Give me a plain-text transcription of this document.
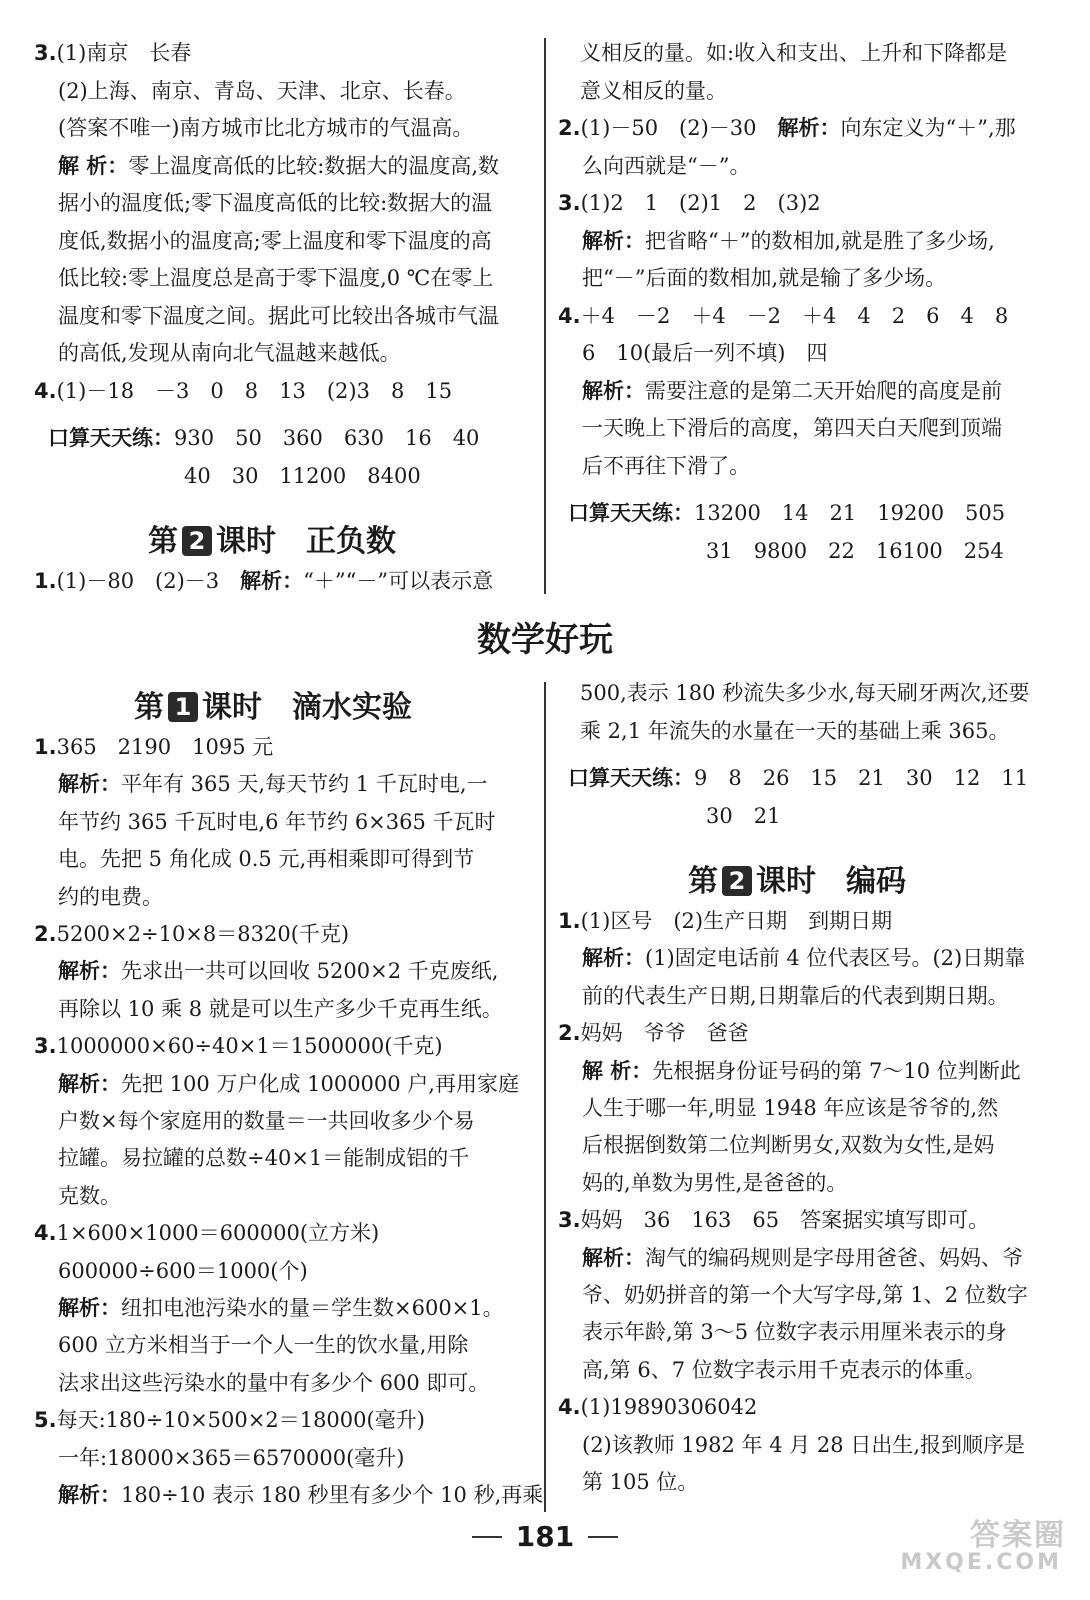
3.(1)南京　长春
(2)上海、南京、青岛、天津、北京、长春。
(答案不唯一)南方城市比北方城市的气温高。
解 析：零上温度高低的比较:数据大的温度高,数
据小的温度低;零下温度高低的比较:数据大的温
度低,数据小的温度高;零上温度和零下温度的高
低比较:零上温度总是高于零下温度,0 ℃在零上
温度和零下温度之间。据此可比较出各城市气温
的高低,发现从南向北气温越来越低。
4.(1)－18　－3　0　8　13　(2)3　8　15
口算天天练：930　50　360　630　16　40
40　30　11200　8400
义相反的量。如:收入和支出、上升和下降都是
意义相反的量。
2.(1)－50　(2)－30　解析：向东定义为“＋”,那
么向西就是“－”。
3.(1)2　1　(2)1　2　(3)2
解析：把省略“＋”的数相加,就是胜了多少场,
把“－”后面的数相加,就是输了多少场。
4.＋4　－2　＋4　－2　＋4　4　2　6　4　8
6　10(最后一列不填)　四
解析：需要注意的是第二天开始爬的高度是前
一天晚上下滑后的高度，第四天白天爬到顶端
后不再往下滑了。
口算天天练：13200　14　21　19200　505
31　9800　22　16100　254
第 2 课时　正负数
1.(1)－80　(2)－3　解析：“＋”“－”可以表示意
数学好玩
第 1 课时　滴水实验
1.365　2190　1095 元
解析：平年有 365 天,每天节约 1 千瓦时电,一
年节约 365 千瓦时电,6 年节约 6×365 千瓦时
电。先把 5 角化成 0.5 元,再相乘即可得到节
约的电费。
2.5200×2÷10×8＝8320(千克)
解析：先求出一共可以回收 5200×2 千克废纸,
再除以 10 乘 8 就是可以生产多少千克再生纸。
3.1000000×60÷40×1＝1500000(千克)
解析：先把 100 万户化成 1000000 户,再用家庭
户数×每个家庭用的数量＝一共回收多少个易
拉罐。易拉罐的总数÷40×1＝能制成铝的千
克数。
4.1×600×1000＝600000(立方米)
600000÷600＝1000(个)
解析：纽扣电池污染水的量＝学生数×600×1。
600 立方米相当于一个人一生的饮水量,用除
法求出这些污染水的量中有多少个 600 即可。
5.每天:180÷10×500×2＝18000(毫升)
一年:18000×365＝6570000(毫升)
解析：180÷10 表示 180 秒里有多少个 10 秒,再乘
500,表示 180 秒流失多少水,每天刷牙两次,还要
乘 2,1 年流失的水量在一天的基础上乘 365。
口算天天练：9　8　26　15　21　30　12　11
30　21
第 2 课时　编码
1.(1)区号　(2)生产日期　到期日期
解析：(1)固定电话前 4 位代表区号。(2)日期靠
前的代表生产日期,日期靠后的代表到期日期。
2.妈妈　爷爷　爸爸
解 析：先根据身份证号码的第 7～10 位判断此
人生于哪一年,明显 1948 年应该是爷爷的,然
后根据倒数第二位判断男女,双数为女性,是妈
妈的,单数为男性,是爸爸的。
3.妈妈　36　163　65　答案据实填写即可。
解析：淘气的编码规则是字母用爸爸、妈妈、爷
爷、奶奶拼音的第一个大写字母,第 1、2 位数字
表示年龄,第 3～5 位数字表示用厘米表示的身
高,第 6、7 位数字表示用千克表示的体重。
4.(1)19890306042
(2)该教师 1982 年 4 月 28 日出生,报到顺序是
第 105 位。
181	答案圈
MXQE.COM
